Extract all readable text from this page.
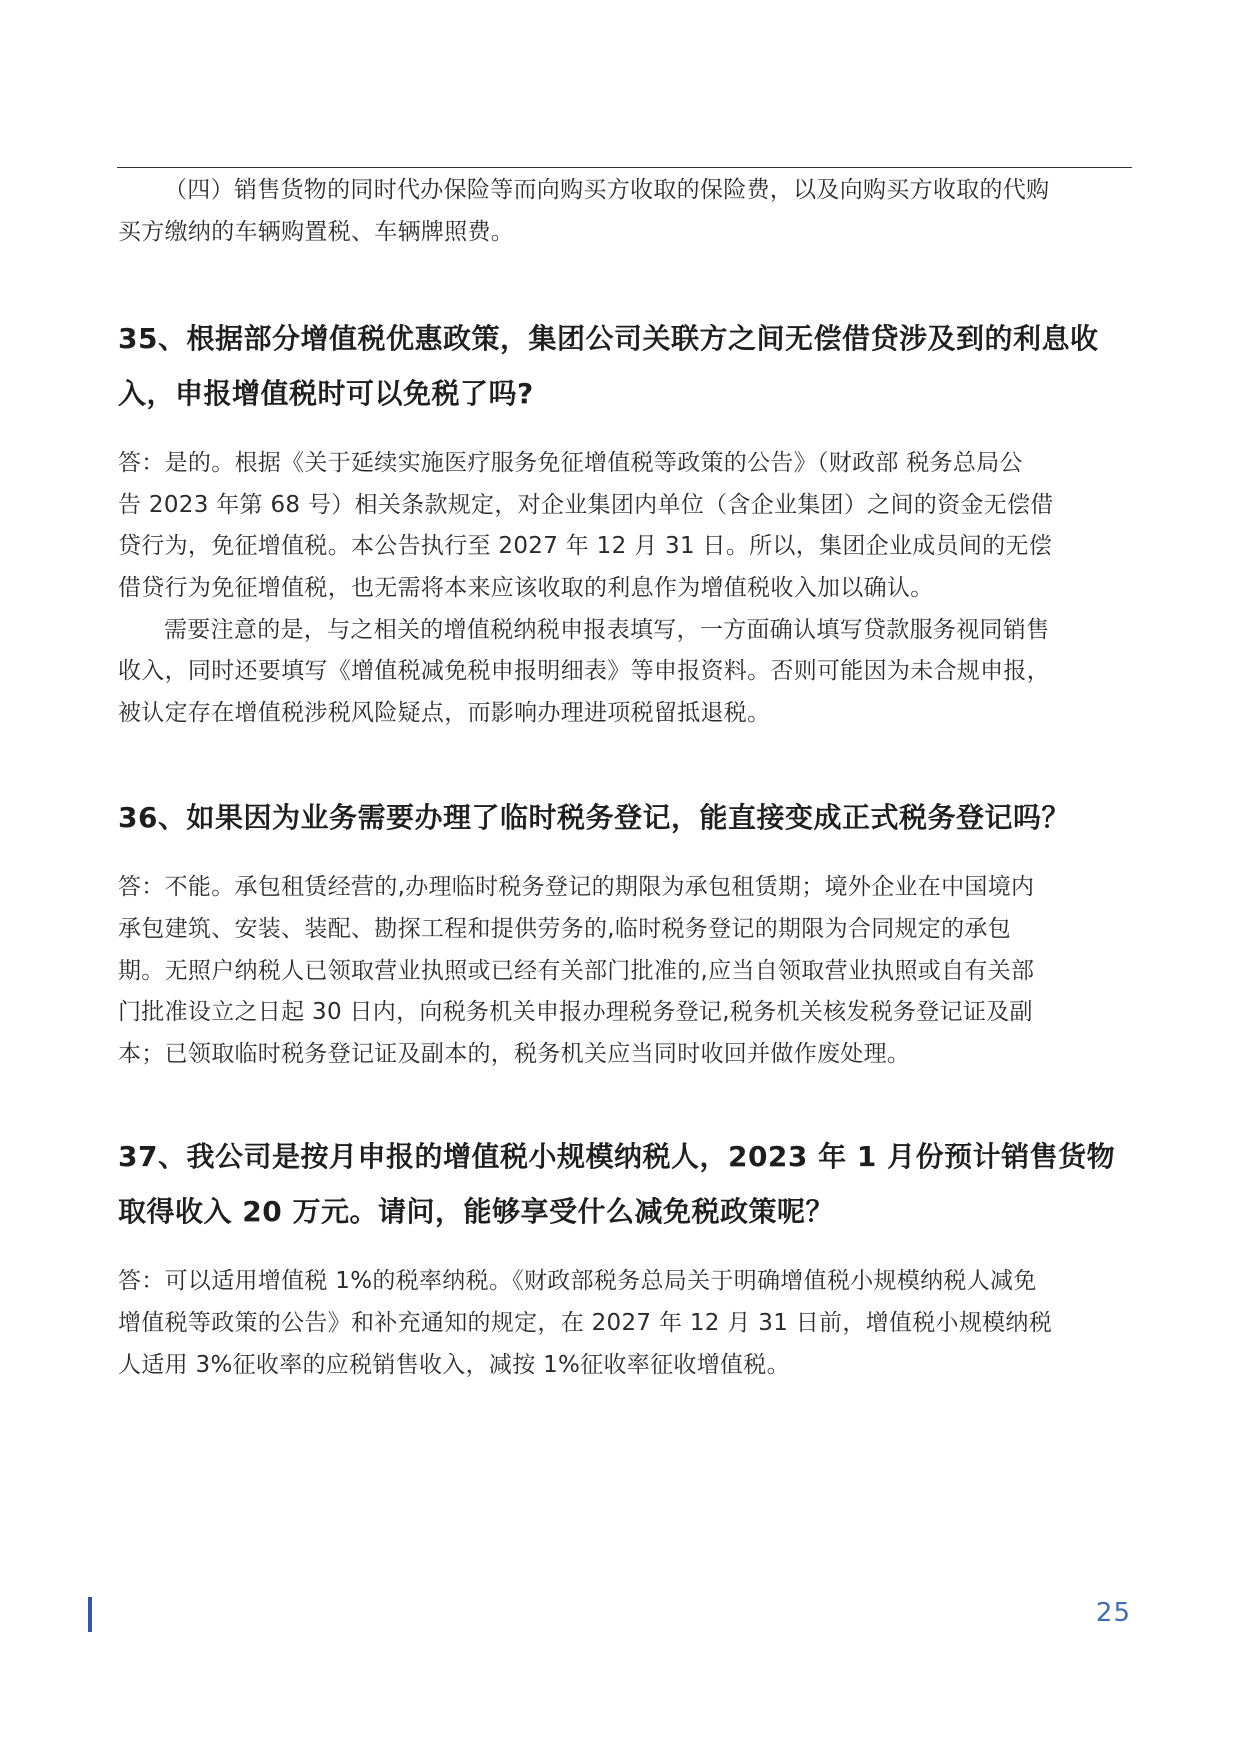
（四）销售货物的同时代办保险等而向购买方收取的保险费，以及向购买方收取的代购
买方缴纳的车辆购置税、车辆牌照费。

35、根据部分增值税优惠政策，集团公司关联方之间无偿借贷涉及到的利息收
入，申报增值税时可以免税了吗?

答：是的。根据《关于延续实施医疗服务免征增值税等政策的公告》（财政部 税务总局公
告 2023 年第 68 号）相关条款规定，对企业集团内单位（含企业集团）之间的资金无偿借
贷行为，免征增值税。本公告执行至 2027 年 12 月 31 日。所以，集团企业成员间的无偿
借贷行为免征增值税，也无需将本来应该收取的利息作为增值税收入加以确认。

需要注意的是，与之相关的增值税纳税申报表填写，一方面确认填写贷款服务视同销售
收入，同时还要填写《增值税减免税申报明细表》等申报资料。否则可能因为未合规申报，
被认定存在增值税涉税风险疑点，而影响办理进项税留抵退税。

36、如果因为业务需要办理了临时税务登记，能直接变成正式税务登记吗？

答：不能。承包租赁经营的,办理临时税务登记的期限为承包租赁期；境外企业在中国境内
承包建筑、安装、装配、勘探工程和提供劳务的,临时税务登记的期限为合同规定的承包
期。无照户纳税人已领取营业执照或已经有关部门批准的,应当自领取营业执照或自有关部
门批准设立之日起 30 日内，向税务机关申报办理税务登记,税务机关核发税务登记证及副
本；已领取临时税务登记证及副本的，税务机关应当同时收回并做作废处理。

37、我公司是按月申报的增值税小规模纳税人，2023 年 1 月份预计销售货物
取得收入 20 万元。请问，能够享受什么减免税政策呢？

答：可以适用增值税 1%的税率纳税。《财政部税务总局关于明确增值税小规模纳税人减免
增值税等政策的公告》和补充通知的规定，在 2027 年 12 月 31 日前，增值税小规模纳税
人适用 3%征收率的应税销售收入，减按 1%征收率征收增值税。

25
